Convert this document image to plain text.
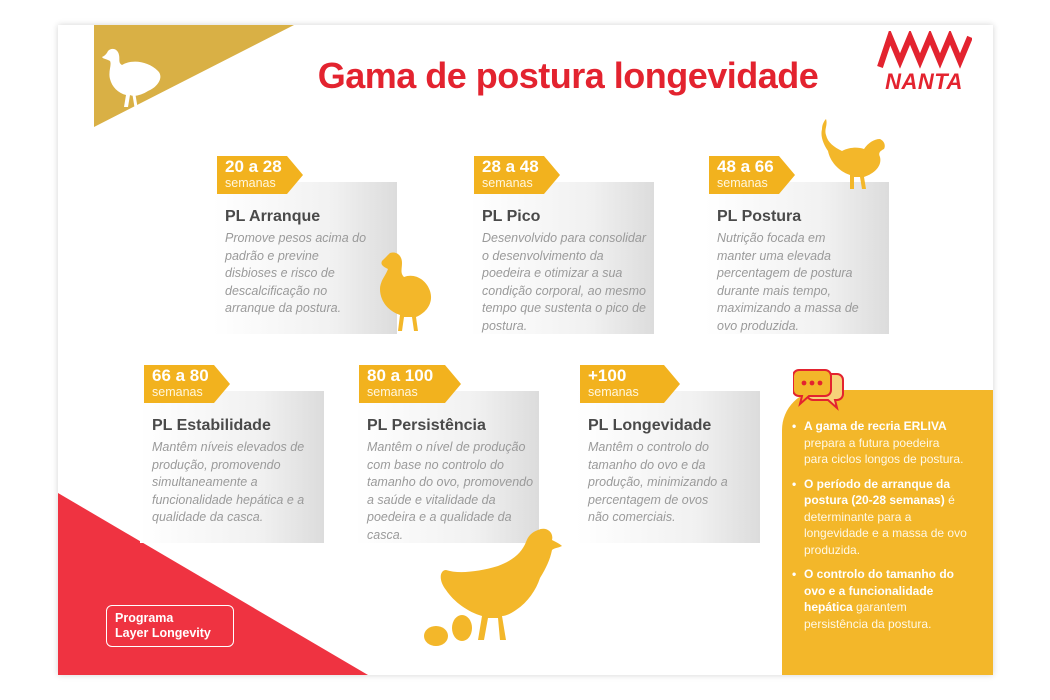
Programa
Layer Longevity
Gama de postura longevidade	NANTA
20 a 28
semanas
PL Arranque
Promove pesos acima do
padrão e previne
disbioses e risco de
descalcificação no
arranque da postura.
28 a 48
semanas
PL Pico
Desenvolvido para consolidar
o desenvolvimento da
poedeira e otimizar a sua
condição corporal, ao mesmo
tempo que sustenta o pico de
postura.
48 a 66
semanas
PL Postura
Nutrição focada em
manter uma elevada
percentagem de postura
durante mais tempo,
maximizando a massa de
ovo produzida.
66 a 80
semanas
PL Estabilidade
Mantêm níveis elevados de
produção, promovendo
simultaneamente a
funcionalidade hepática e a
qualidade da casca.
80 a 100
semanas
PL Persistência
Mantêm o nível de produção
com base no controlo do
tamanho do ovo, promovendo
a saúde e vitalidade da
poedeira e a qualidade da
casca.
+100
semanas
PL Longevidade
Mantêm o controlo do
tamanho do ovo e da
produção, minimizando a
percentagem de ovos
não comerciais.
• A gama de recria ERLIVA
prepara a futura poedeira
para ciclos longos de postura.
• O período de arranque da
postura (20-28 semanas) é
determinante para a
longevidade e a massa de ovo
produzida.
• O controlo do tamanho do
ovo e a funcionalidade
hepática garantem
persistência da postura.
